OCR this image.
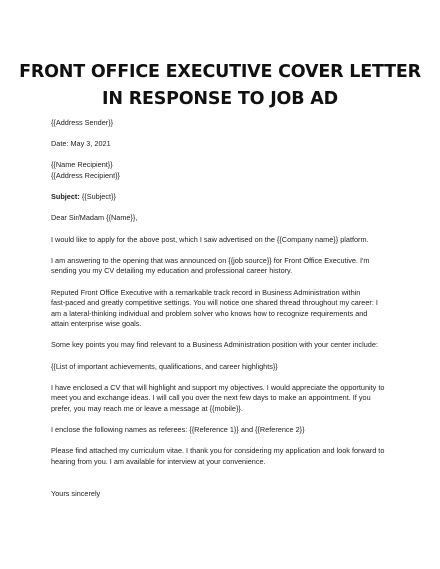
FRONT OFFICE EXECUTIVE COVER LETTER
IN RESPONSE TO JOB AD

{{Address Sender}}

Date: May 3, 2021

{{Name Recipient}}
{{Address Recipient}}

Subject: {{Subject}}

Dear Sir/Madam {{Name}},

I would like to apply for the above post, which I saw advertised on the {{Company name}} platform.

I am answering to the opening that was announced on {{job source}} for Front Office Executive. I'm
sending you my CV detailing my education and professional career history.

Reputed Front Office Executive with a remarkable track record in Business Administration within
fast-paced and greatly competitive settings. You will notice one shared thread throughout my career: I
am a lateral-thinking individual and problem solver who knows how to recognize requirements and
attain enterprise wise goals.

Some key points you may find relevant to a Business Administration position with your center include:

{{List of important achievements, qualifications, and career highlights}}

I have enclosed a CV that will highlight and support my objectives. I would appreciate the opportunity to
meet you and exchange ideas. I will call you over the next few days to make an appointment. If you
prefer, you may reach me or leave a message at {{mobile}}.

I enclose the following names as referees: {{Reference 1}} and {{Reference 2}}

Please find attached my curriculum vitae. I thank you for considering my application and look forward to
hearing from you. I am available for interview at your convenience.

Yours sincerely
